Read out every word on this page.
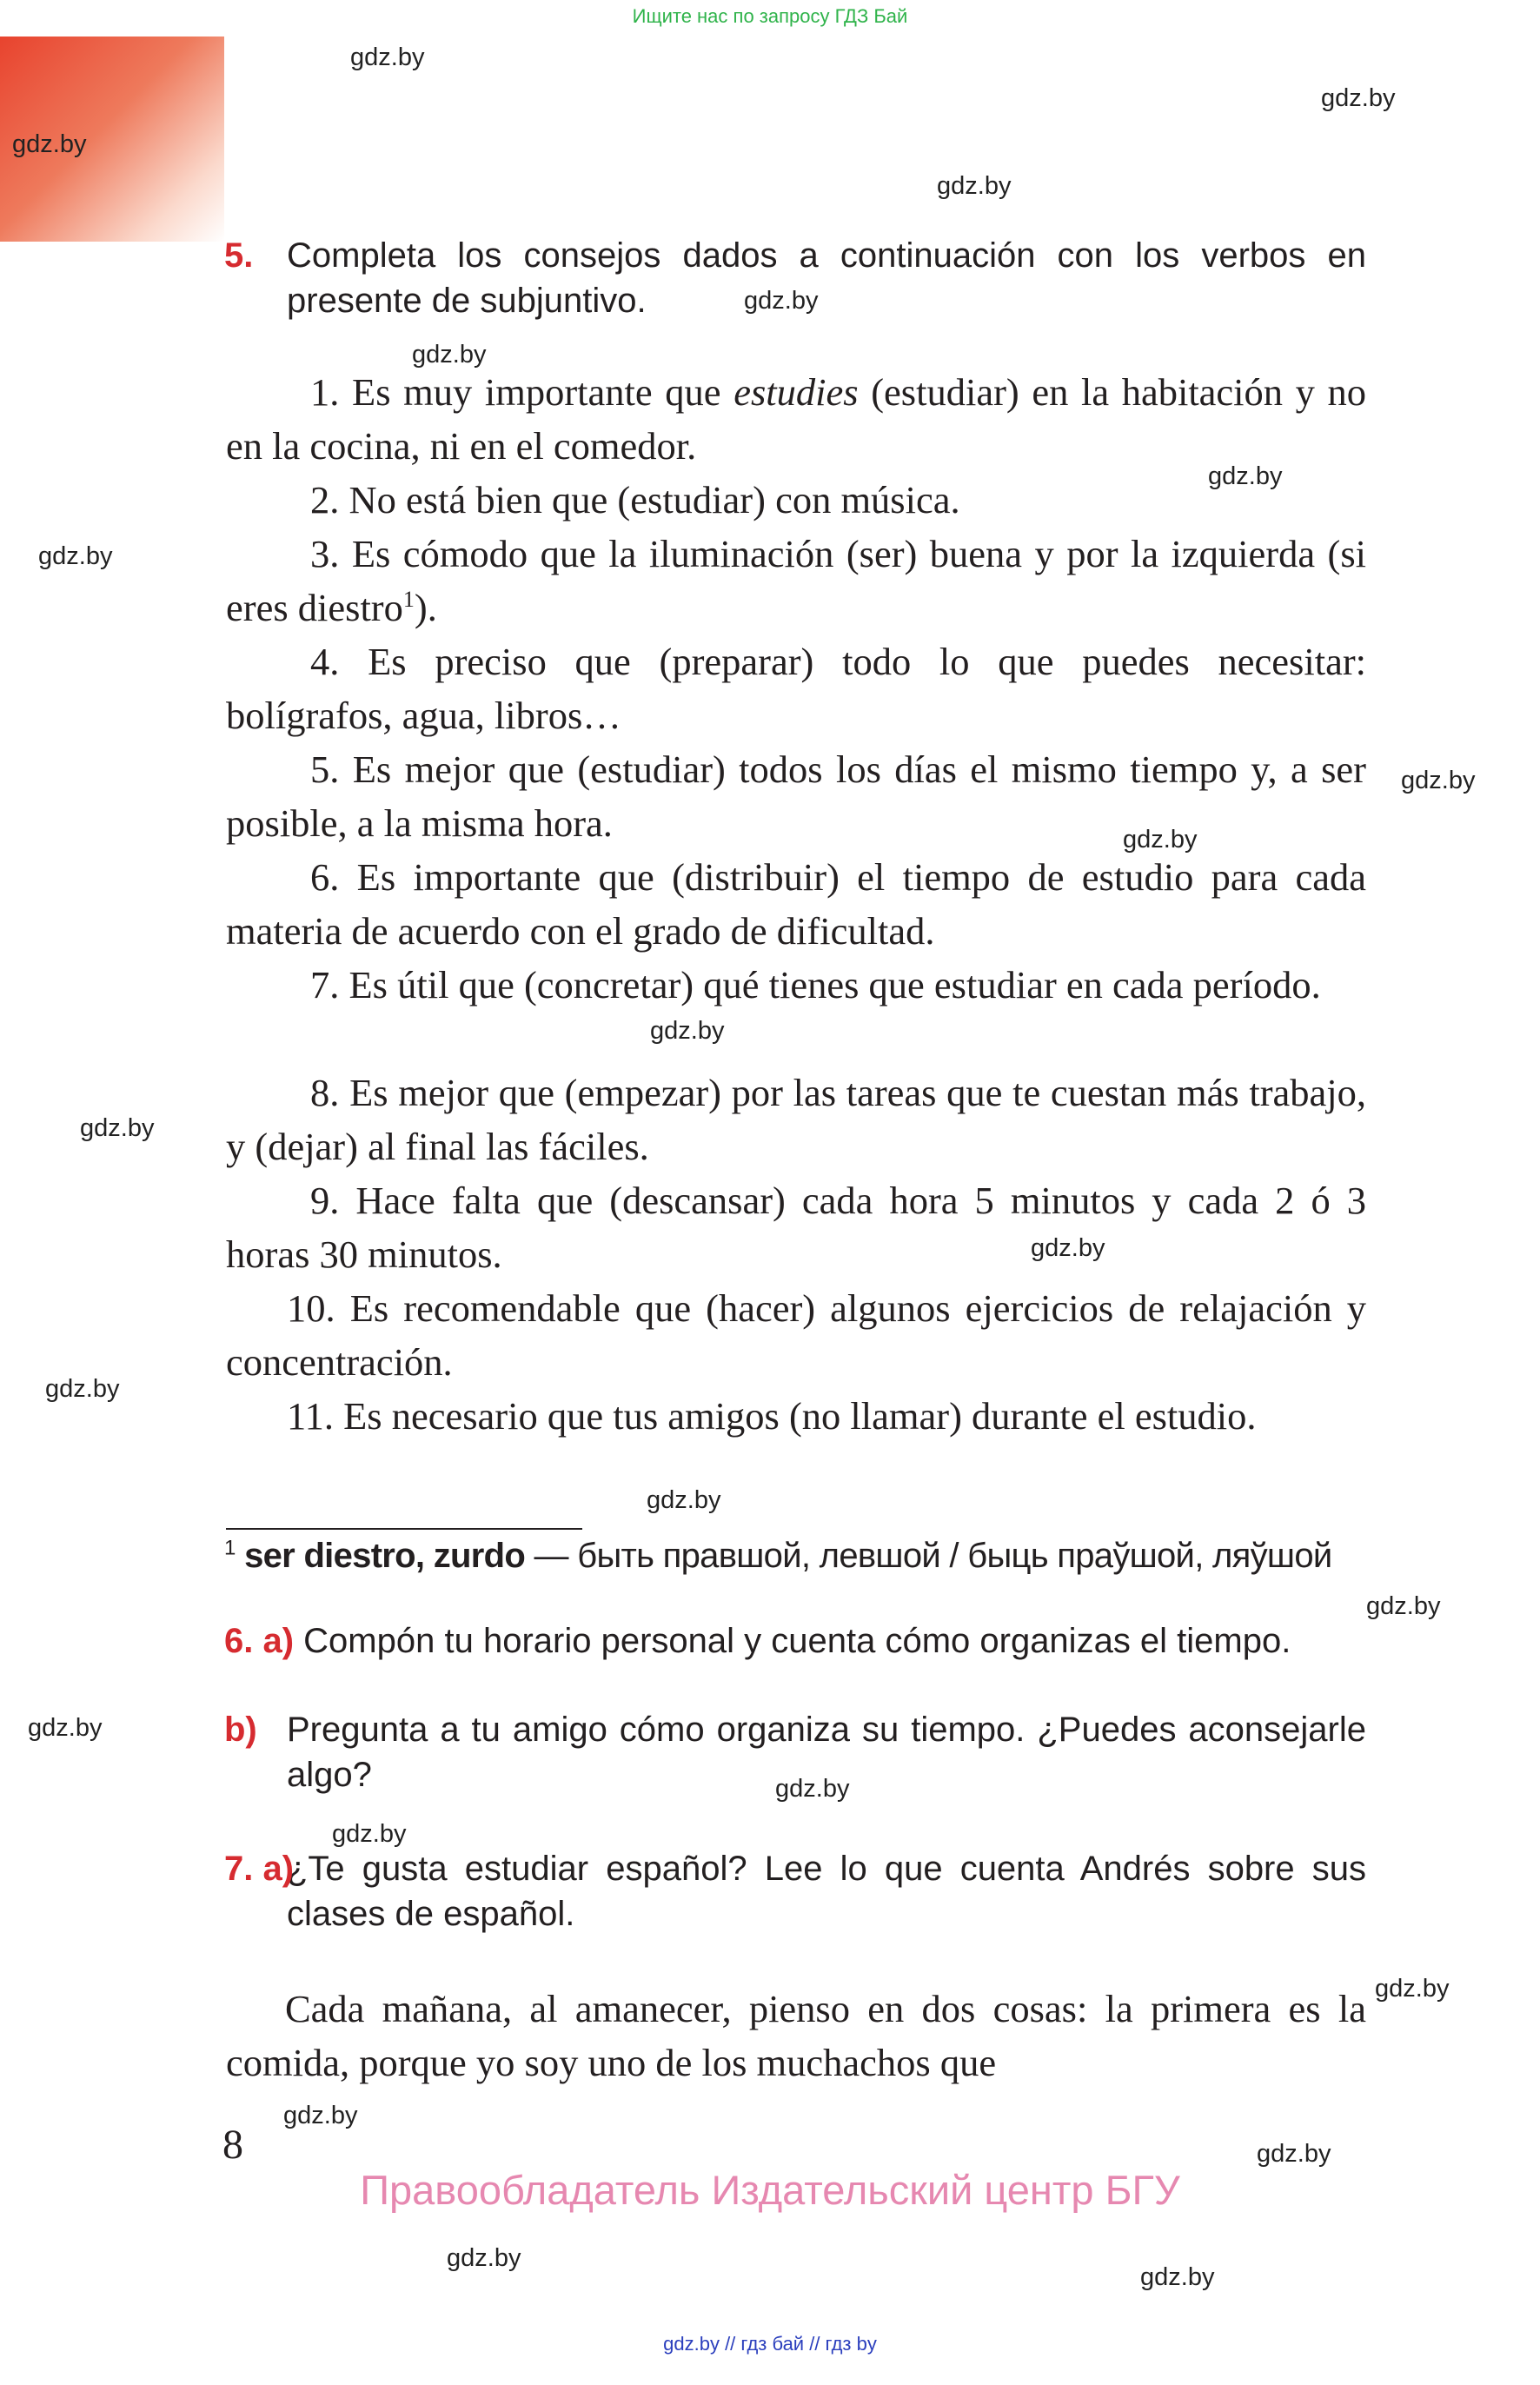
Ищите нас по запросу ГДЗ Бай
gdz.by
gdz.by
gdz.by
gdz.by
gdz.by
gdz.by
gdz.by
gdz.by
gdz.by
gdz.by
gdz.by
gdz.by
gdz.by
gdz.by
gdz.by
gdz.by
gdz.by
gdz.by
gdz.by
gdz.by
gdz.by
gdz.by
gdz.by
gdz.by
5. Completa los consejos dados a continuación con los verbos en presente de subjuntivo.
1. Es muy importante que estudies (estudiar) en la habitación y no en la cocina, ni en el comedor.
2. No está bien que (estudiar) con música.
3. Es cómodo que la iluminación (ser) buena y por la izquierda (si eres diestro$^1$).
4. Es preciso que (preparar) todo lo que puedes necesitar: bolígrafos, agua, libros…
5. Es mejor que (estudiar) todos los días el mismo tiempo y, a ser posible, a la misma hora.
6. Es importante que (distribuir) el tiempo de estudio para cada materia de acuerdo con el grado de dificultad.
7. Es útil que (concretar) qué tienes que estudiar en cada período.
8. Es mejor que (empezar) por las tareas que te cuestan más trabajo, y (dejar) al final las fáciles.
9. Hace falta que (descansar) cada hora 5 minutos y cada 2 ó 3 horas 30 minutos.
10. Es recomendable que (hacer) algunos ejercicios de relajación y concentración.
11. Es necesario que tus amigos (no llamar) durante el estudio.
$^1$ ser diestro, zurdo — быть правшой, левшой / быць праўшой, ляўшой
6. a) Compón tu horario personal y cuenta cómo organizas el tiempo.
b) Pregunta a tu amigo cómo organiza su tiempo. ¿Puedes aconsejarle algo?
7. a)
¿Te gusta estudiar español? Lee lo que cuenta Andrés sobre sus clases de español.
Cada mañana, al amanecer, pienso en dos cosas: la primera es la comida, porque yo soy uno de los muchachos que
8
Правообладатель Издательский центр БГУ
gdz.by // гдз бай // гдз by
